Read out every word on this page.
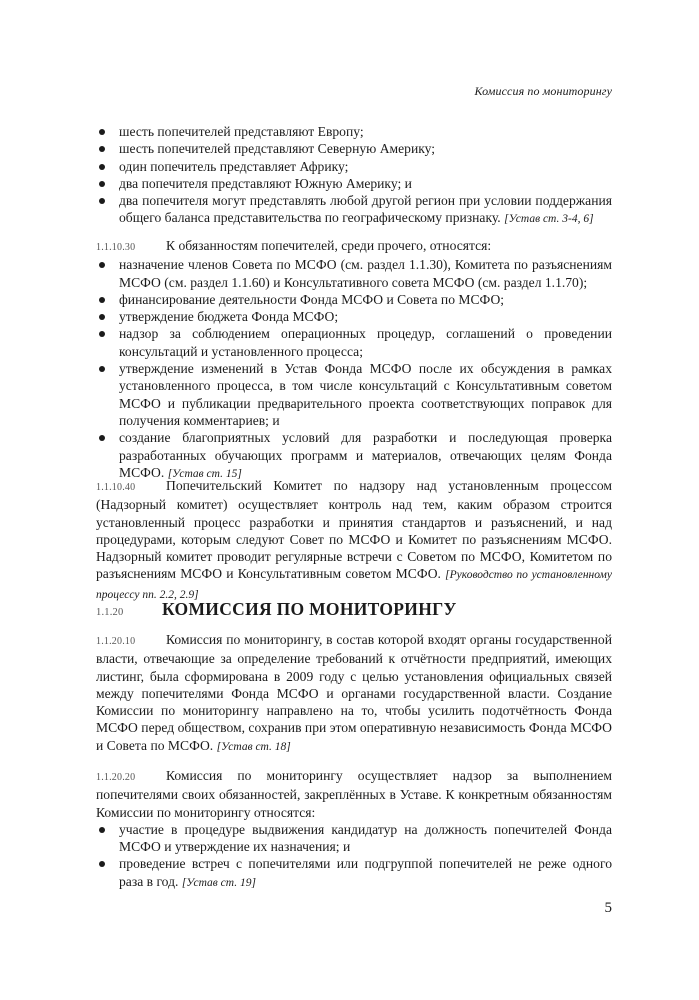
Комиссия по мониторингу
шесть попечителей представляют Европу;
шесть попечителей представляют Северную Америку;
один попечитель представляет Африку;
два попечителя представляют Южную Америку; и
два попечителя могут представлять любой другой регион при условии поддержания общего баланса представительства по географическому признаку. [Устав ст. 3-4, 6]

1.1.10.30 К обязанностям попечителей, среди прочего, относятся:

назначение членов Совета по МСФО (см. раздел 1.1.30), Комитета по разъяснениям МСФО (см. раздел 1.1.60) и Консультативного совета МСФО (см. раздел 1.1.70);
финансирование деятельности Фонда МСФО и Совета по МСФО;
утверждение бюджета Фонда МСФО;
надзор за соблюдением операционных процедур, соглашений о проведении консультаций и установленного процесса;
утверждение изменений в Устав Фонда МСФО после их обсуждения в рамках установленного процесса, в том числе консультаций с Консультативным советом МСФО и публикации предварительного проекта соответствующих поправок для получения комментариев; и
создание благоприятных условий для разработки и последующая проверка разработанных обучающих программ и материалов, отвечающих целям Фонда МСФО. [Устав ст. 15]

1.1.10.40 Попечительский Комитет по надзору над установленным процессом (Надзорный комитет) осуществляет контроль над тем, каким образом строится установленный процесс разработки и принятия стандартов и разъяснений, и над процедурами, которым следуют Совет по МСФО и Комитет по разъяснениям МСФО. Надзорный комитет проводит регулярные встречи с Советом по МСФО, Комитетом по разъяснениям МСФО и Консультативным советом МСФО. [Руководство по установленному процессу пп. 2.2, 2.9]

1.1.20 КОМИССИЯ ПО МОНИТОРИНГУ

1.1.20.10 Комиссия по мониторингу, в состав которой входят органы государственной власти, отвечающие за определение требований к отчётности предприятий, имеющих листинг, была сформирована в 2009 году с целью установления официальных связей между попечителями Фонда МСФО и органами государственной власти. Создание Комиссии по мониторингу направлено на то, чтобы усилить подотчётность Фонда МСФО перед обществом, сохранив при этом оперативную независимость Фонда МСФО и Совета по МСФО. [Устав ст. 18]

1.1.20.20 Комиссия по мониторингу осуществляет надзор за выполнением попечителями своих обязанностей, закреплённых в Уставе. К конкретным обязанностям Комиссии по мониторингу относятся:

участие в процедуре выдвижения кандидатур на должность попечителей Фонда МСФО и утверждение их назначения; и
проведение встреч с попечителями или подгруппой попечителей не реже одного раза в год. [Устав ст. 19]
5
